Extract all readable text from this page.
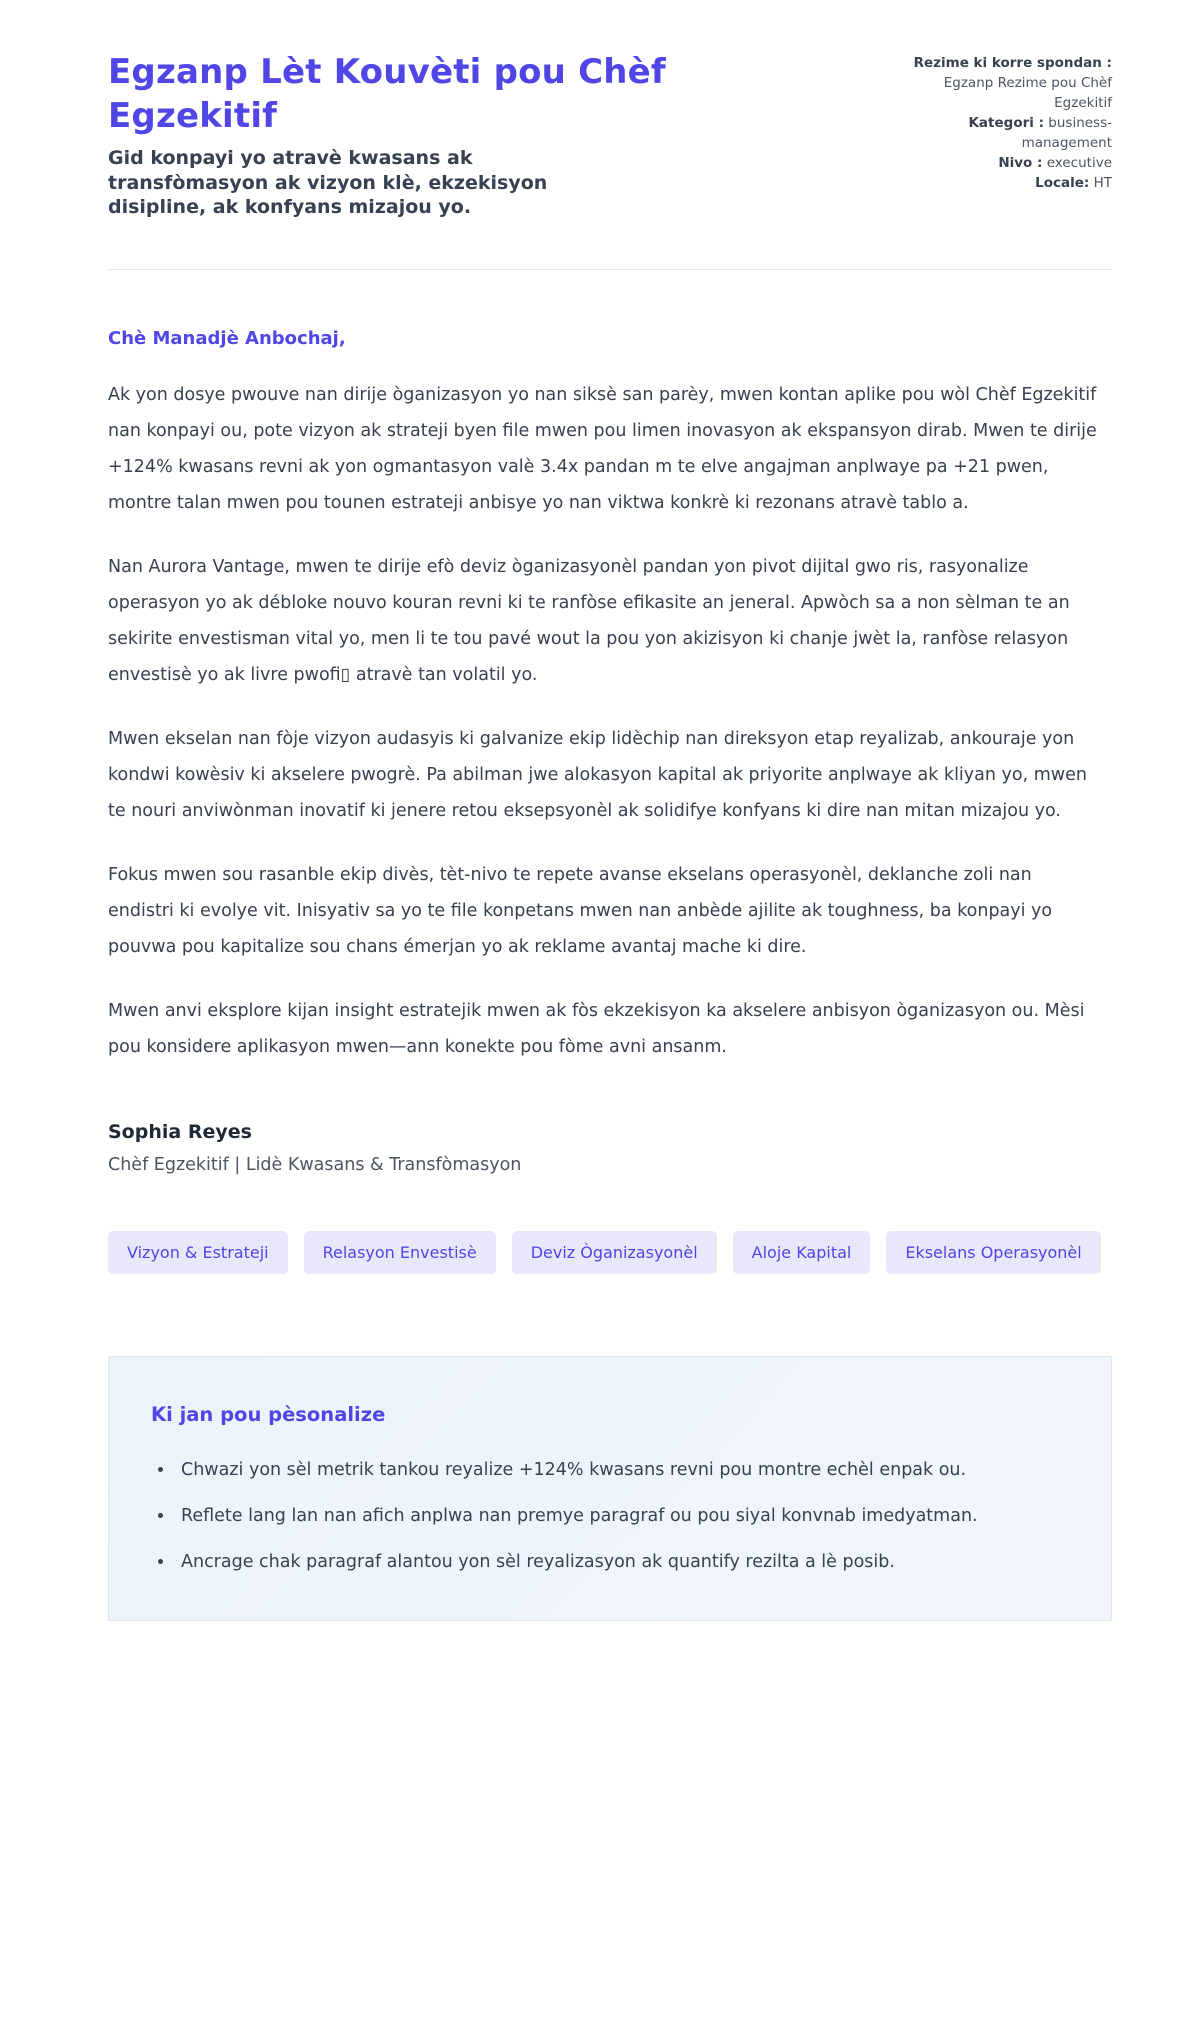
Egzanp Lèt Kouvèti pou Chèf Egzekitif

Gid konpayi yo atravè kwasans ak transfòmasyon ak vizyon klè, ekzekisyon disipline, ak konfyans mizajou yo.

Rezime ki korre spondan : Egzanp Rezime pou Chèf Egzekitif

Kategori : business-management

Nivo : executive

Locale: HT

Chè Manadjè Anbochaj,

Ak yon dosye pwouve nan dirije òganizasyon yo nan siksè san parèy, mwen kontan aplike pou wòl Chèf Egzekitif nan konpayi ou, pote vizyon ak strateji byen file mwen pou limen inovasyon ak ekspansyon dirab. Mwen te dirije +124% kwasans revni ak yon ogmantasyon valè 3.4x pandan m te elve angajman anplwaye pa +21 pwen, montre talan mwen pou tounen estrateji anbisye yo nan viktwa konkrè ki rezonans atravè tablo a.

Nan Aurora Vantage, mwen te dirije efò deviz òganizasyonèl pandan yon pivot dijital gwo ris, rasyonalize operasyon yo ak débloke nouvo kouran revni ki te ranfòse efikasite an jeneral. Apwòch sa a non sèlman te an sekirite envestisman vital yo, men li te tou pavé wout la pou yon akizisyon ki chanje jwèt la, ranfòse relasyon envestisè yo ak livre pwofi▯ atravè tan volatil yo.

Mwen ekselan nan fòje vizyon audasyis ki galvanize ekip lidèchip nan direksyon etap reyalizab, ankouraje yon kondwi kowèsiv ki akselere pwogrè. Pa abilman jwe alokasyon kapital ak priyorite anplwaye ak kliyan yo, mwen te nouri anviwònman inovatif ki jenere retou eksepsyonèl ak solidifye konfyans ki dire nan mitan mizajou yo.

Fokus mwen sou rasanble ekip divès, tèt-nivo te repete avanse ekselans operasyonèl, deklanche zoli nan endistri ki evolye vit. Inisyativ sa yo te file konpetans mwen nan anbède ajilite ak toughness, ba konpayi yo pouvwa pou kapitalize sou chans émerjan yo ak reklame avantaj mache ki dire.

Mwen anvi eksplore kijan insight estratejik mwen ak fòs ekzekisyon ka akselere anbisyon òganizasyon ou. Mèsi pou konsidere aplikasyon mwen—ann konekte pou fòme avni ansanm.

Sophia Reyes

Chèf Egzekitif | Lidè Kwasans & Transfòmasyon

Vizyon & Estrateji	Relasyon Envestisè	Deviz Òganizasyonèl	Aloje Kapital	Ekselans Operasyonèl
Ki jan pou pèsonalize
• Chwazi yon sèl metrik tankou reyalize +124% kwasans revni pou montre echèl enpak ou.
• Reflete lang lan nan afich anplwa nan premye paragraf ou pou siyal konvnab imedyatman.
• Ancrage chak paragraf alantou yon sèl reyalizasyon ak quantify rezilta a lè posib.
